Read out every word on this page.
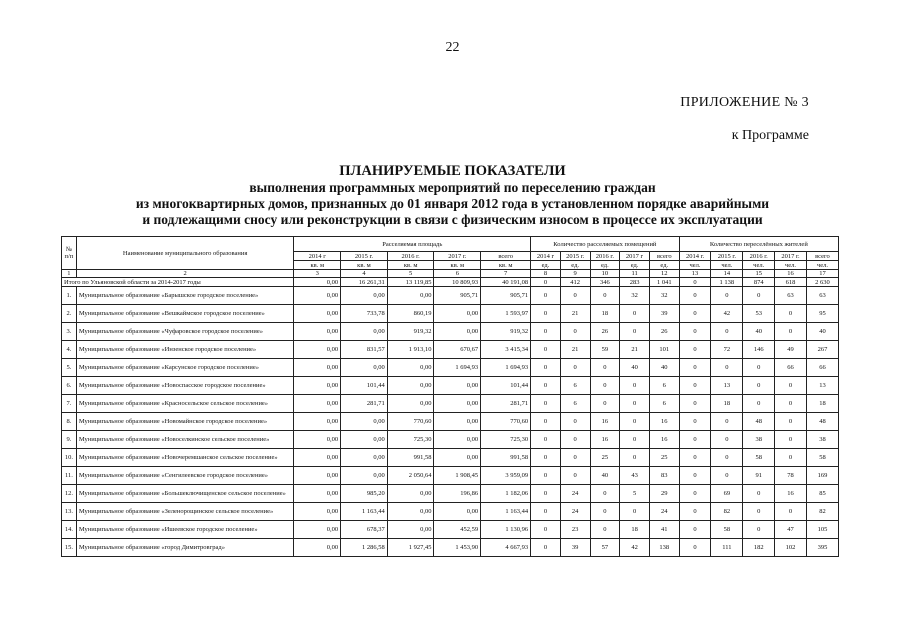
22
ПРИЛОЖЕНИЕ № 3
к Программе
ПЛАНИРУЕМЫЕ ПОКАЗАТЕЛИ
выполнения программных мероприятий по переселению граждан
из многоквартирных домов, признанных до 01 января 2012 года в установленном порядке аварийными
и подлежащими сносу или реконструкции в связи с физическим износом в процессе их эксплуатации
№ п/п	Наименование муниципального образования	Расселяемая площадь					Количество расселяемых помещений					Количество переселённых жителей				
		2014 г	2015 г.	2016 г.	2017 г.	всего	2014 г	2015 г.	2016 г.	2017 г	всего	2014 г.	2015 г.	2016 г.	2017 г.	всего
		кв. м	кв. м	кв. м	кв. м	кв. м	ед.	ед.	ед.	ед.	ед.	чел.	чел.	чел.	чел.	чел.
1	2	3	4	5	6	7	8	9	10	11	12	13	14	15	16	17
Итого по Ульяновской области за 2014-2017 годы		0,00	16 261,31	13 119,85	10 809,93	40 191,08	0	412	346	283	1 041	0	1 138	874	618	2 630
1.	Муниципальное образование «Барышское городское поселение»	0,00	0,00	0,00	905,71	905,71	0	0	0	32	32	0	0	0	63	63
2.	Муниципальное образование «Вешкаймское городское поселение»	0,00	733,78	860,19	0,00	1 593,97	0	21	18	0	39	0	42	53	0	95
3.	Муниципальное образование «Чуфаровское городское поселение»	0,00	0,00	919,32	0,00	919,32	0	0	26	0	26	0	0	40	0	40
4.	Муниципальное образование «Инзенское городское поселение»	0,00	831,57	1 913,10	670,67	3 415,34	0	21	59	21	101	0	72	146	49	267
5.	Муниципальное образование «Карсунское городское поселение»	0,00	0,00	0,00	1 694,93	1 694,93	0	0	0	40	40	0	0	0	66	66
6.	Муниципальное образование «Новоспасское городское поселение»	0,00	101,44	0,00	0,00	101,44	0	6	0	0	6	0	13	0	0	13
7.	Муниципальное образование «Красносельское сельское поселение»	0,00	281,71	0,00	0,00	281,71	0	6	0	0	6	0	18	0	0	18
8.	Муниципальное образование «Новомайнское городское поселение»	0,00	0,00	770,60	0,00	770,60	0	0	16	0	16	0	0	48	0	48
9.	Муниципальное образование «Новоселкинское сельское поселение»	0,00	0,00	725,30	0,00	725,30	0	0	16	0	16	0	0	38	0	38
10.	Муниципальное образование «Новочеремшанское сельское поселение»	0,00	0,00	991,58	0,00	991,58	0	0	25	0	25	0	0	58	0	58
11.	Муниципальное образование «Сенгилеевское городское поселение»	0,00	0,00	2 050,64	1 908,45	3 959,09	0	0	40	43	83	0	0	91	78	169
12.	Муниципальное образование «Большеключищенское сельское поселение»	0,00	985,20	0,00	196,86	1 182,06	0	24	0	5	29	0	69	0	16	85
13.	Муниципальное образование «Зеленорощинское сельское поселение»	0,00	1 163,44	0,00	0,00	1 163,44	0	24	0	0	24	0	82	0	0	82
14.	Муниципальное образование «Ишеевское городское поселение»	0,00	678,37	0,00	452,59	1 130,96	0	23	0	18	41	0	58	0	47	105
15.	Муниципальное образование «город Димитровград»	0,00	1 286,58	1 927,45	1 453,90	4 667,93	0	39	57	42	138	0	111	182	102	395
